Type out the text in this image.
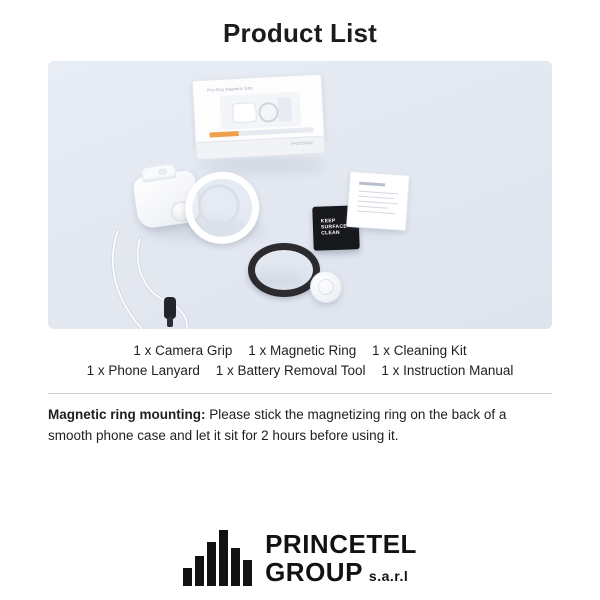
Product List
Pro-Grip Magnetic Grip
PHOTORAY
KEEP SURFACE CLEAN
1 x Camera Grip 1 x Magnetic Ring 1 x Cleaning Kit
1 x Phone Lanyard 1 x Battery Removal Tool 1 x Instruction Manual
Magnetic ring mounting: Please stick the magnetizing ring on the back of a smooth phone case and let it sit for 2 hours before using it.
PRINCETEL
GROUP s.a.r.l
